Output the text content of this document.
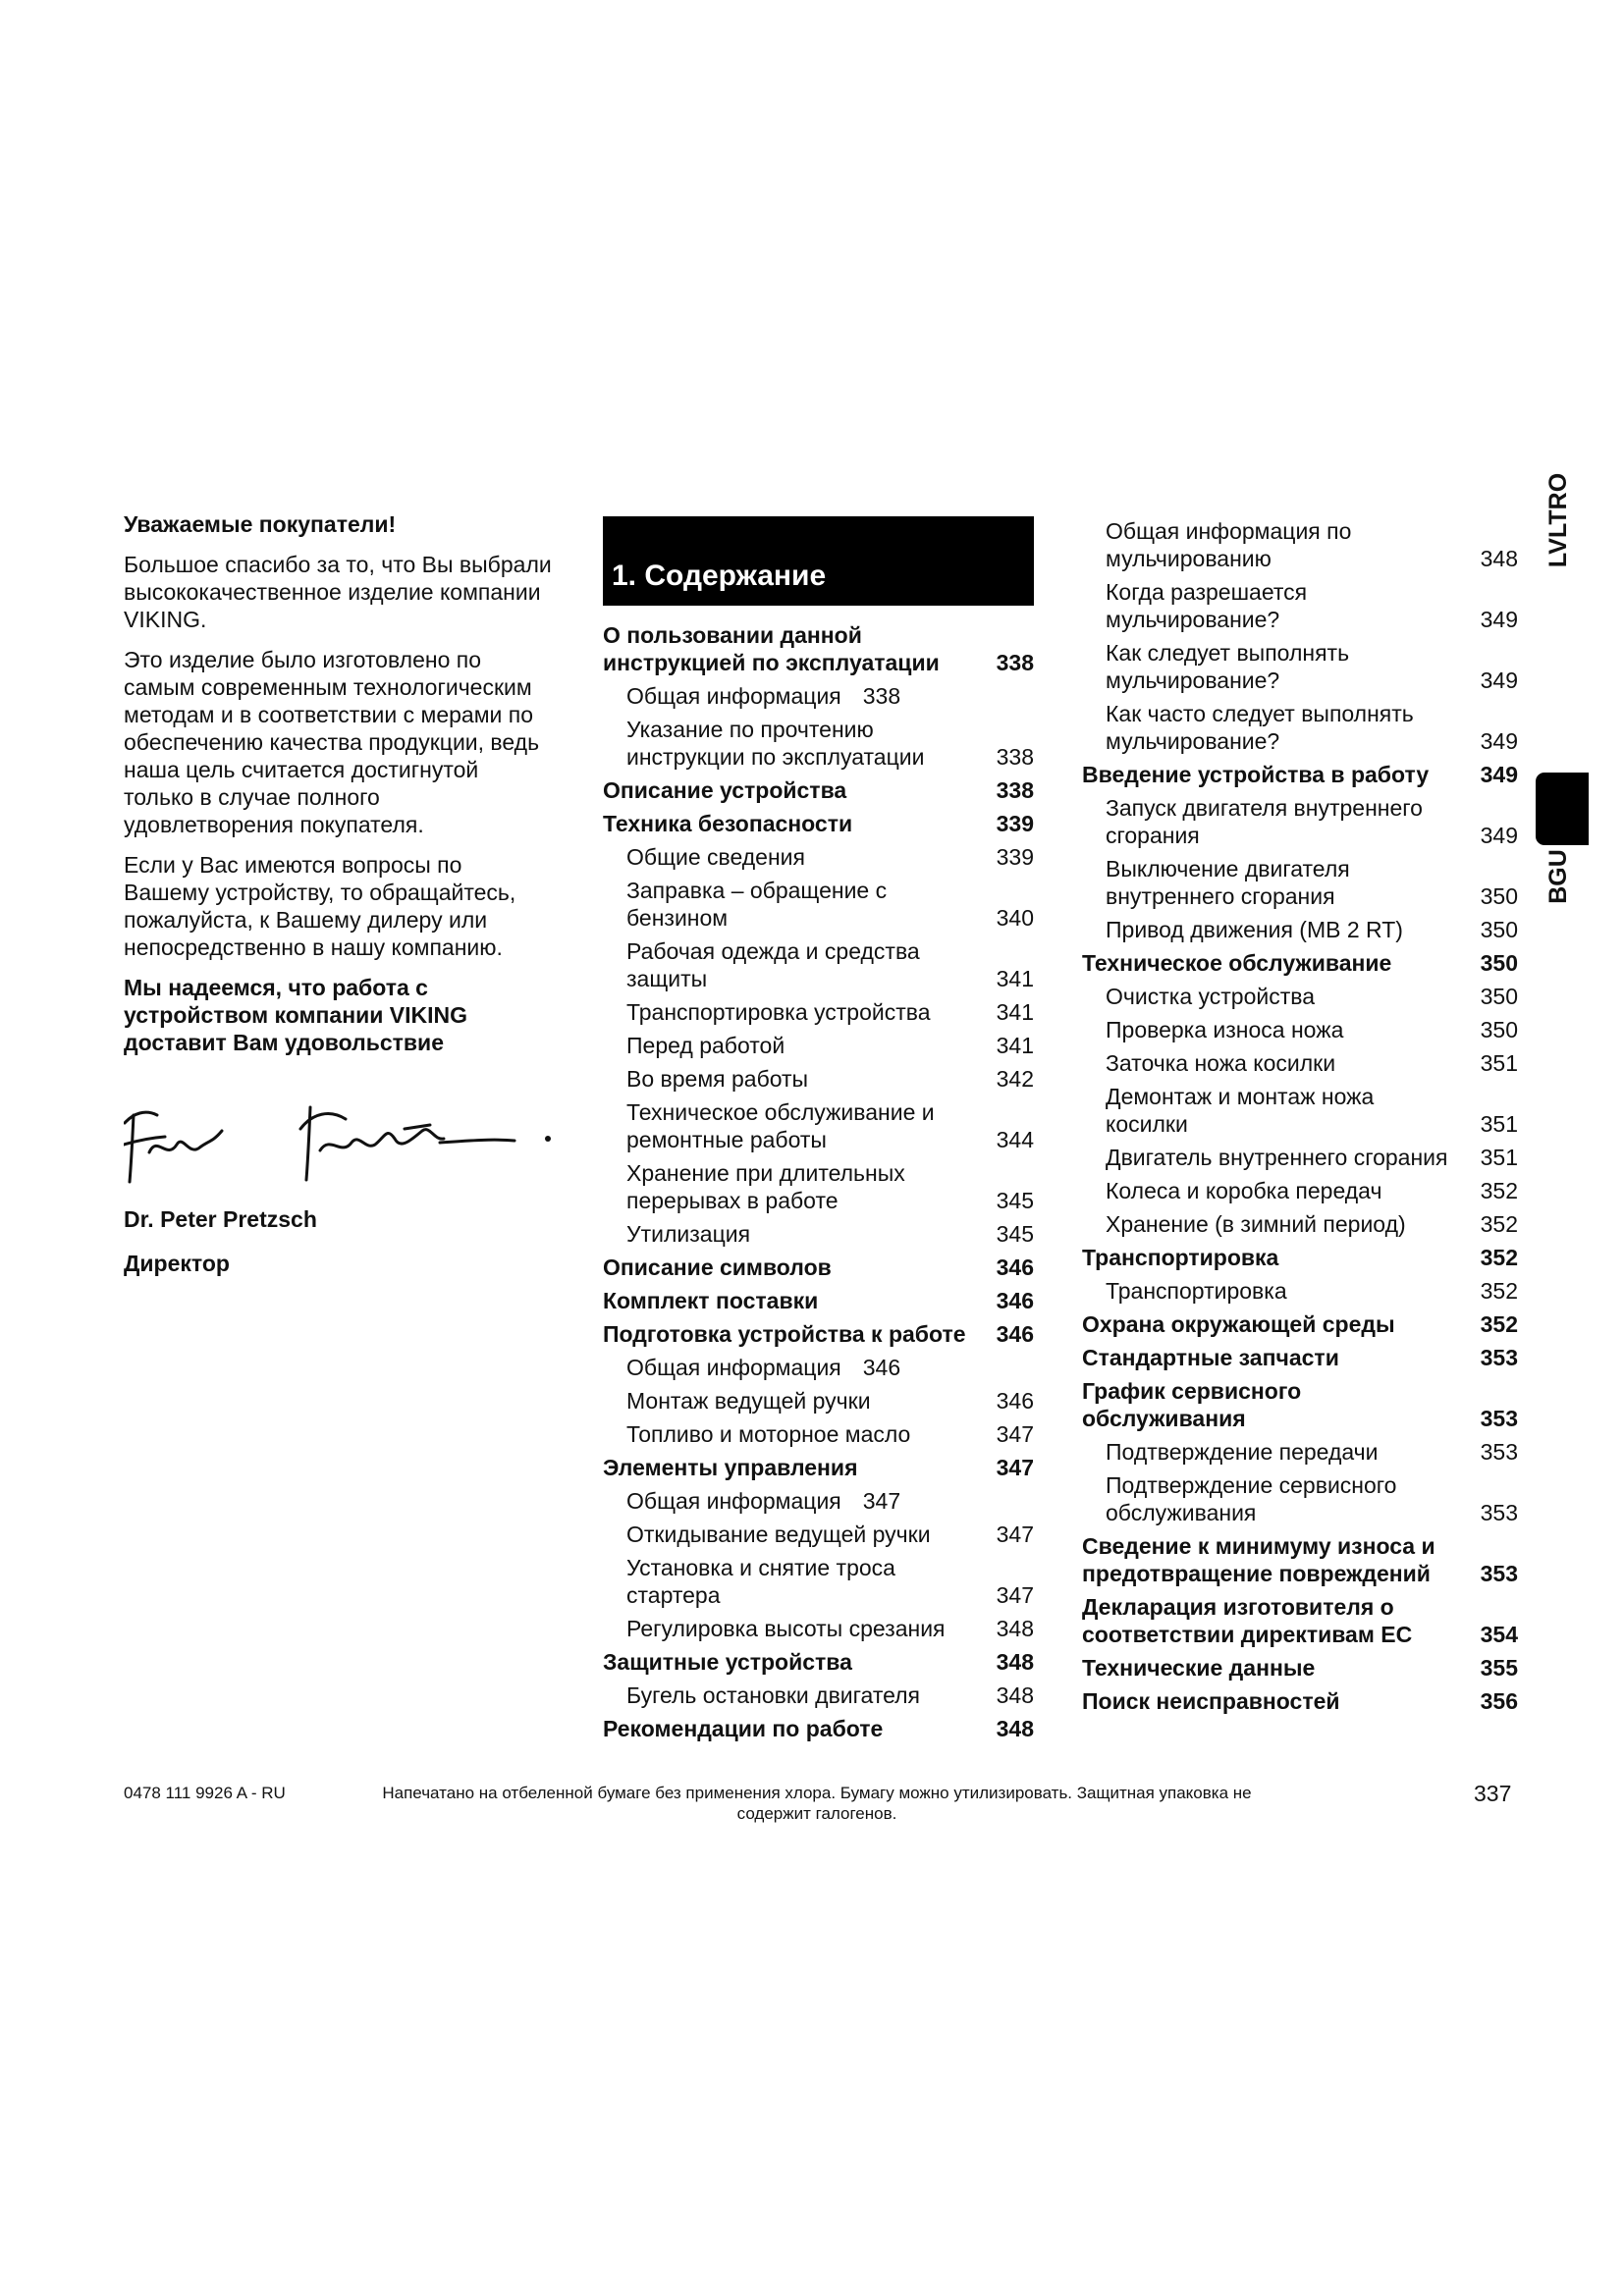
Уважаемые покупатели!
Большое спасибо за то, что Вы выбрали
высококачественное изделие компании
VIKING.
Это изделие было изготовлено по
самым современным технологическим
методам и в соответствии с мерами по
обеспечению качества продукции, ведь
наша цель считается достигнутой
только в случае полного
удовлетворения покупателя.
Если у Вас имеются вопросы по
Вашему устройству, то обращайтесь,
пожалуйста, к Вашему дилеру или
непосредственно в нашу компанию.
Мы надеемся, что работа с
устройством компании VIKING
доставит Вам удовольствие
Dr. Peter Pretzsch
Директор
1. Содержание
О пользовании данной
инструкцией по эксплуатации	338
Общая информация 338
Указание по прочтению
инструкции по эксплуатации	338
Описание устройства	338
Техника безопасности	339
Общие сведения	339
Заправка – обращение с
бензином	340
Рабочая одежда и средства
защиты	341
Транспортировка устройства	341
Перед работой	341
Во время работы	342
Техническое обслуживание и
ремонтные работы	344
Хранение при длительных
перерывах в работе	345
Утилизация	345
Описание символов	346
Комплект поставки	346
Подготовка устройства к работе	346
Общая информация 346
Монтаж ведущей ручки	346
Топливо и моторное масло	347
Элементы управления	347
Общая информация 347
Откидывание ведущей ручки	347
Установка и снятие троса
стартера	347
Регулировка высоты срезания	348
Защитные устройства	348
Бугель остановки двигателя	348
Рекомендации по работе	348
Общая информация по
мульчированию	348
Когда разрешается
мульчирование?	349
Как следует выполнять
мульчирование?	349
Как часто следует выполнять
мульчирование?	349
Введение устройства в работу	349
Запуск двигателя внутреннего
сгорания	349
Выключение двигателя
внутреннего сгорания	350
Привод движения (MB 2 RT)	350
Техническое обслуживание	350
Очистка устройства	350
Проверка износа ножа	350
Заточка ножа косилки	351
Демонтаж и монтаж ножа
косилки	351
Двигатель внутреннего сгорания	351
Колеса и коробка передач	352
Хранение (в зимний период)	352
Транспортировка	352
Транспортировка	352
Охрана окружающей среды	352
Стандартные запчасти	353
График сервисного
обслуживания	353
Подтверждение передачи	353
Подтверждение сервисного
обслуживания	353
Сведение к минимуму износа и
предотвращение повреждений	353
Декларация изготовителя о
соответствии директивам ЕС	354
Технические данные	355
Поиск неисправностей	356
LVLTRO
BGU
0478 111 9926 A - RU	Напечатано на отбеленной бумаге без применения хлора. Бумагу можно утилизировать. Защитная упаковка не
содержит галогенов.
337
